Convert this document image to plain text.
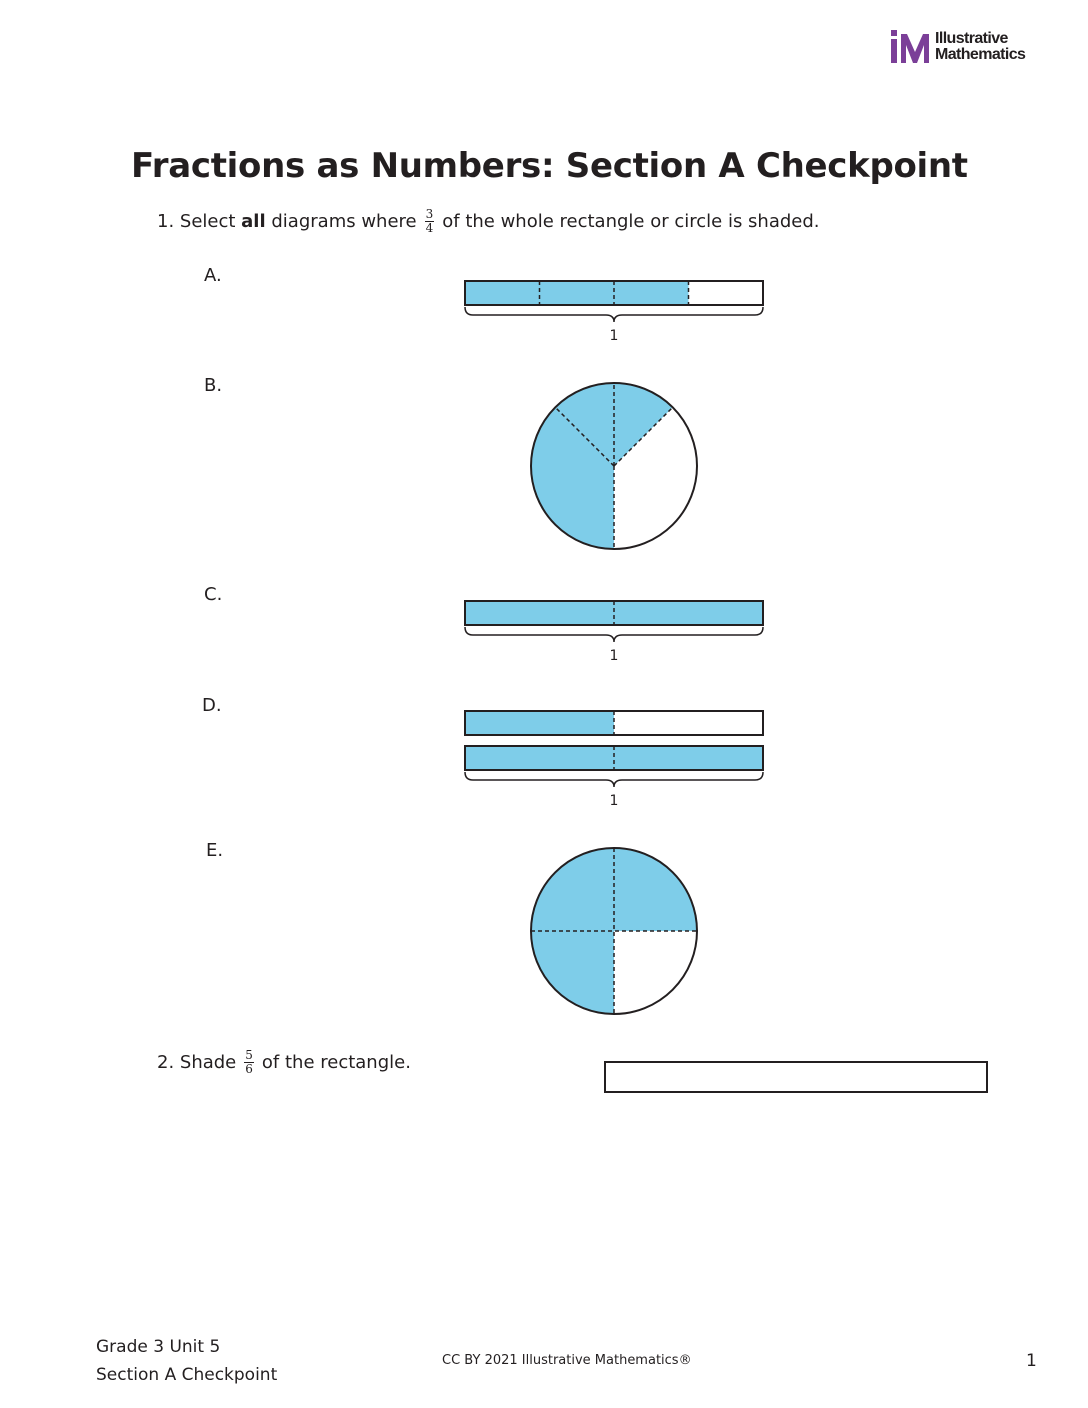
Illustrative
Mathematics
Fractions as Numbers: Section A Checkpoint
1. Select all diagrams where $\frac{3}{4}$ of the whole rectangle or circle is shaded.
A.
1
B.
C.
1
D.
1
E.
2. Shade $\frac{5}{6}$ of the rectangle.
Grade 3 Unit 5
Section A Checkpoint
CC BY 2021 Illustrative Mathematics®	1
